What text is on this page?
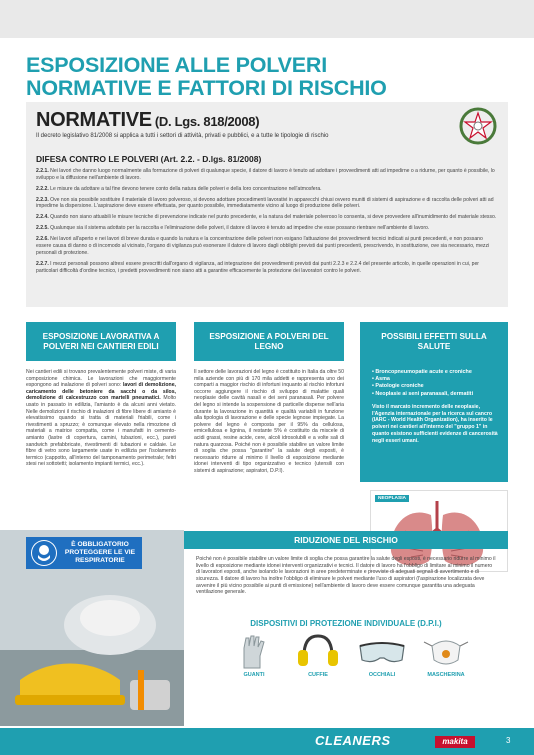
ESPOSIZIONE ALLE POLVERI
NORMATIVE E FATTORI DI RISCHIO
NORMATIVE (D. Lgs. 818/2008)
Il decreto legislativo 81/2008 si applica a tutti i settori di attività, privati e pubblici, e a tutte le tipologie di rischio
DIFESA CONTRO LE POLVERI (Art. 2.2. - D.lgs. 81/2008)

2.2.1. Nei lavori che danno luogo normalmente alla formazione di polveri di qualunque specie, il datore di lavoro è tenuto ad adottare i provvedimenti atti ad impedirne o a ridurne, per quanto è possibile, lo sviluppo e la diffusione nell'ambiente di lavoro.

2.2.2. Le misure da adottare a tal fine devono tenere conto della natura delle polveri e della loro concentrazione nell'atmosfera.

2.2.3. Ove non sia possibile sostituire il materiale di lavoro polveroso, si devono adottare procedimenti lavorativi in apparecchi chiusi ovvero muniti di sistemi di aspirazione e di raccolta delle polveri atti ad impedirne la dispersione. L'aspirazione deve essere effettuata, per quanto possibile, immediatamente vicino al luogo di produzione delle polveri.

2.2.4. Quando non siano attuabili le misure tecniche di prevenzione indicate nel punto precedente, e la natura del materiale polveroso lo consenta, si deve provvedere all'inumidimento del materiale stesso.

2.2.5. Qualunque sia il sistema adottato per la raccolta e l'eliminazione delle polveri, il datore di lavoro è tenuto ad impedire che esse possano rientrare nell'ambiente di lavoro.

2.2.6. Nei lavori all'aperto e nei lavori di breve durata e quando la natura e la concentrazione delle polveri non esigano l'attuazione dei provvedimenti tecnici indicati ai punti precedenti, e non possano essere causa di danno o di incomodo al vicinato, l'organo di vigilanza può esonerare il datore di lavoro dagli obblighi previsti dai punti precedenti, prescrivendo, in sostituzione, ove sia necessario, mezzi personali di protezione.

2.2.7. I mezzi personali possono altresì essere prescritti dall'organo di vigilanza, ad integrazione dei provvedimenti previsti dai punti 2.2.3 e 2.2.4 del presente articolo, in quelle operazioni in cui, per particolari difficoltà d'ordine tecnico, i predetti provvedimenti non siano atti a garantire efficacemente la protezione dei lavoratori contro le polveri.

ESPOSIZIONE LAVORATIVA A POLVERI NEI CANTIERI EDILI
Nei cantieri edili si trovano prevalentemente polveri miste, di varia composizione chimica. Le lavorazioni che maggiormente espongono ad inalazione di polveri sono: lavori di demolizione, caricamento delle betoniere da sacchi o da silos, demolizione di calcestruzzo con martelli pneumatici. Molto usato in passato in edilizia, l'amianto è da alcuni anni vietato. Nelle demolizioni il rischio di inalazioni di fibre libere di amianto è elevatissimo quando si tratta di materiali friabili, come i rivestimenti a spruzzo; è comunque elevato nella rimozione di materiali a matrice compatta, come i manufatti in cemento-amianto (lastre di copertura, camini, tubazioni, ecc.), pareti sandwich prefabbricate, rivestimenti di tubazioni e caldaie. Le fibre di vetro sono largamente usate in edilizia per l'isolamento termico (cappotto, all'interno del tamponamento perimetrale; feltri stesi nei sottotetti; isolamento impianti termici, ecc.).
ESPOSIZIONE A POLVERI DEL LEGNO
Il settore delle lavorazioni del legno è costituito in Italia da oltre 50 mila aziende con più di 170 mila addetti e rappresenta uno dei comparti a maggior rischio di infortuni inquanto al rischio infortuni occorre aggiungere il rischio di sviluppo di malattie quali neoplasie delle cavità nasali e dei seni paranasali. Per polvere del legno si intende la sospensione di particelle disperse nell'aria durante la lavorazione in quantità e qualità variabili in funzione alla tipologia di lavorazione e delle specie legnose impiegate. La polvere del legno è composta per il 95% da cellulosa, emicellulosa e lignina, il restante 5% è costituito da miscele di acidi grassi, resine acide, cere, alcoli idrosolubili e a volte sali di natura quarzosa. Poiché non è possibile stabilire un valore limite di soglia che possa "garantire" la salute degli esposti, è necessario ridurre al minimo il livello di esposizione mediante idonei interventi di tipo organizzativo e tecnico (utensili con sistemi di aspirazione; aspiratori, D.P.I).
POSSIBILI EFFETTI SULLA SALUTE
• Broncopneumopatie acute e croniche
• Asma
• Patologie croniche
• Neoplasie ai seni paranasali, dermatiti
Visto il marcato incremento delle neoplasie, l'Agenzia internazionale per la ricerca sul cancro (IARC - World Health Organization), ha inserito le polveri nei cantieri all'interno del "gruppo 1" in quanto esistono sufficienti evidenze di cancerosità negli esseri umani.
NEOPLASIA
È OBBLIGATORIO PROTEGGERE LE VIE RESPIRATORIE
RIDUZIONE DEL RISCHIO
Poiché non è possibile stabilire un valore limite di soglia che possa garantire la salute degli esposti, è necessario ridurre al minimo il livello di esposizione mediante idonei interventi organizzativi e tecnici. Il datore di lavoro ha l'obbligo di limitare al minimo il numero di lavoratori esposti, anche isolando le lavorazioni in aree predeterminate e provviste di adeguati segnali di avvertimento e di sicurezza. Il datore di lavoro ha inoltre l'obbligo di eliminare le polveri mediante l'uso di aspiratori (l'aspirazione localizzata deve avvenire il più vicino possibile ai punti di emissione) nell'ambiente di lavoro deve essere comunque garantita una adeguata ventilazione generale.
DISPOSITIVI DI PROTEZIONE INDIVIDUALE (D.P.I.)
GUANTI	CUFFIE	OCCHIALI	MASCHERINA
CLEANERS	makita	3
